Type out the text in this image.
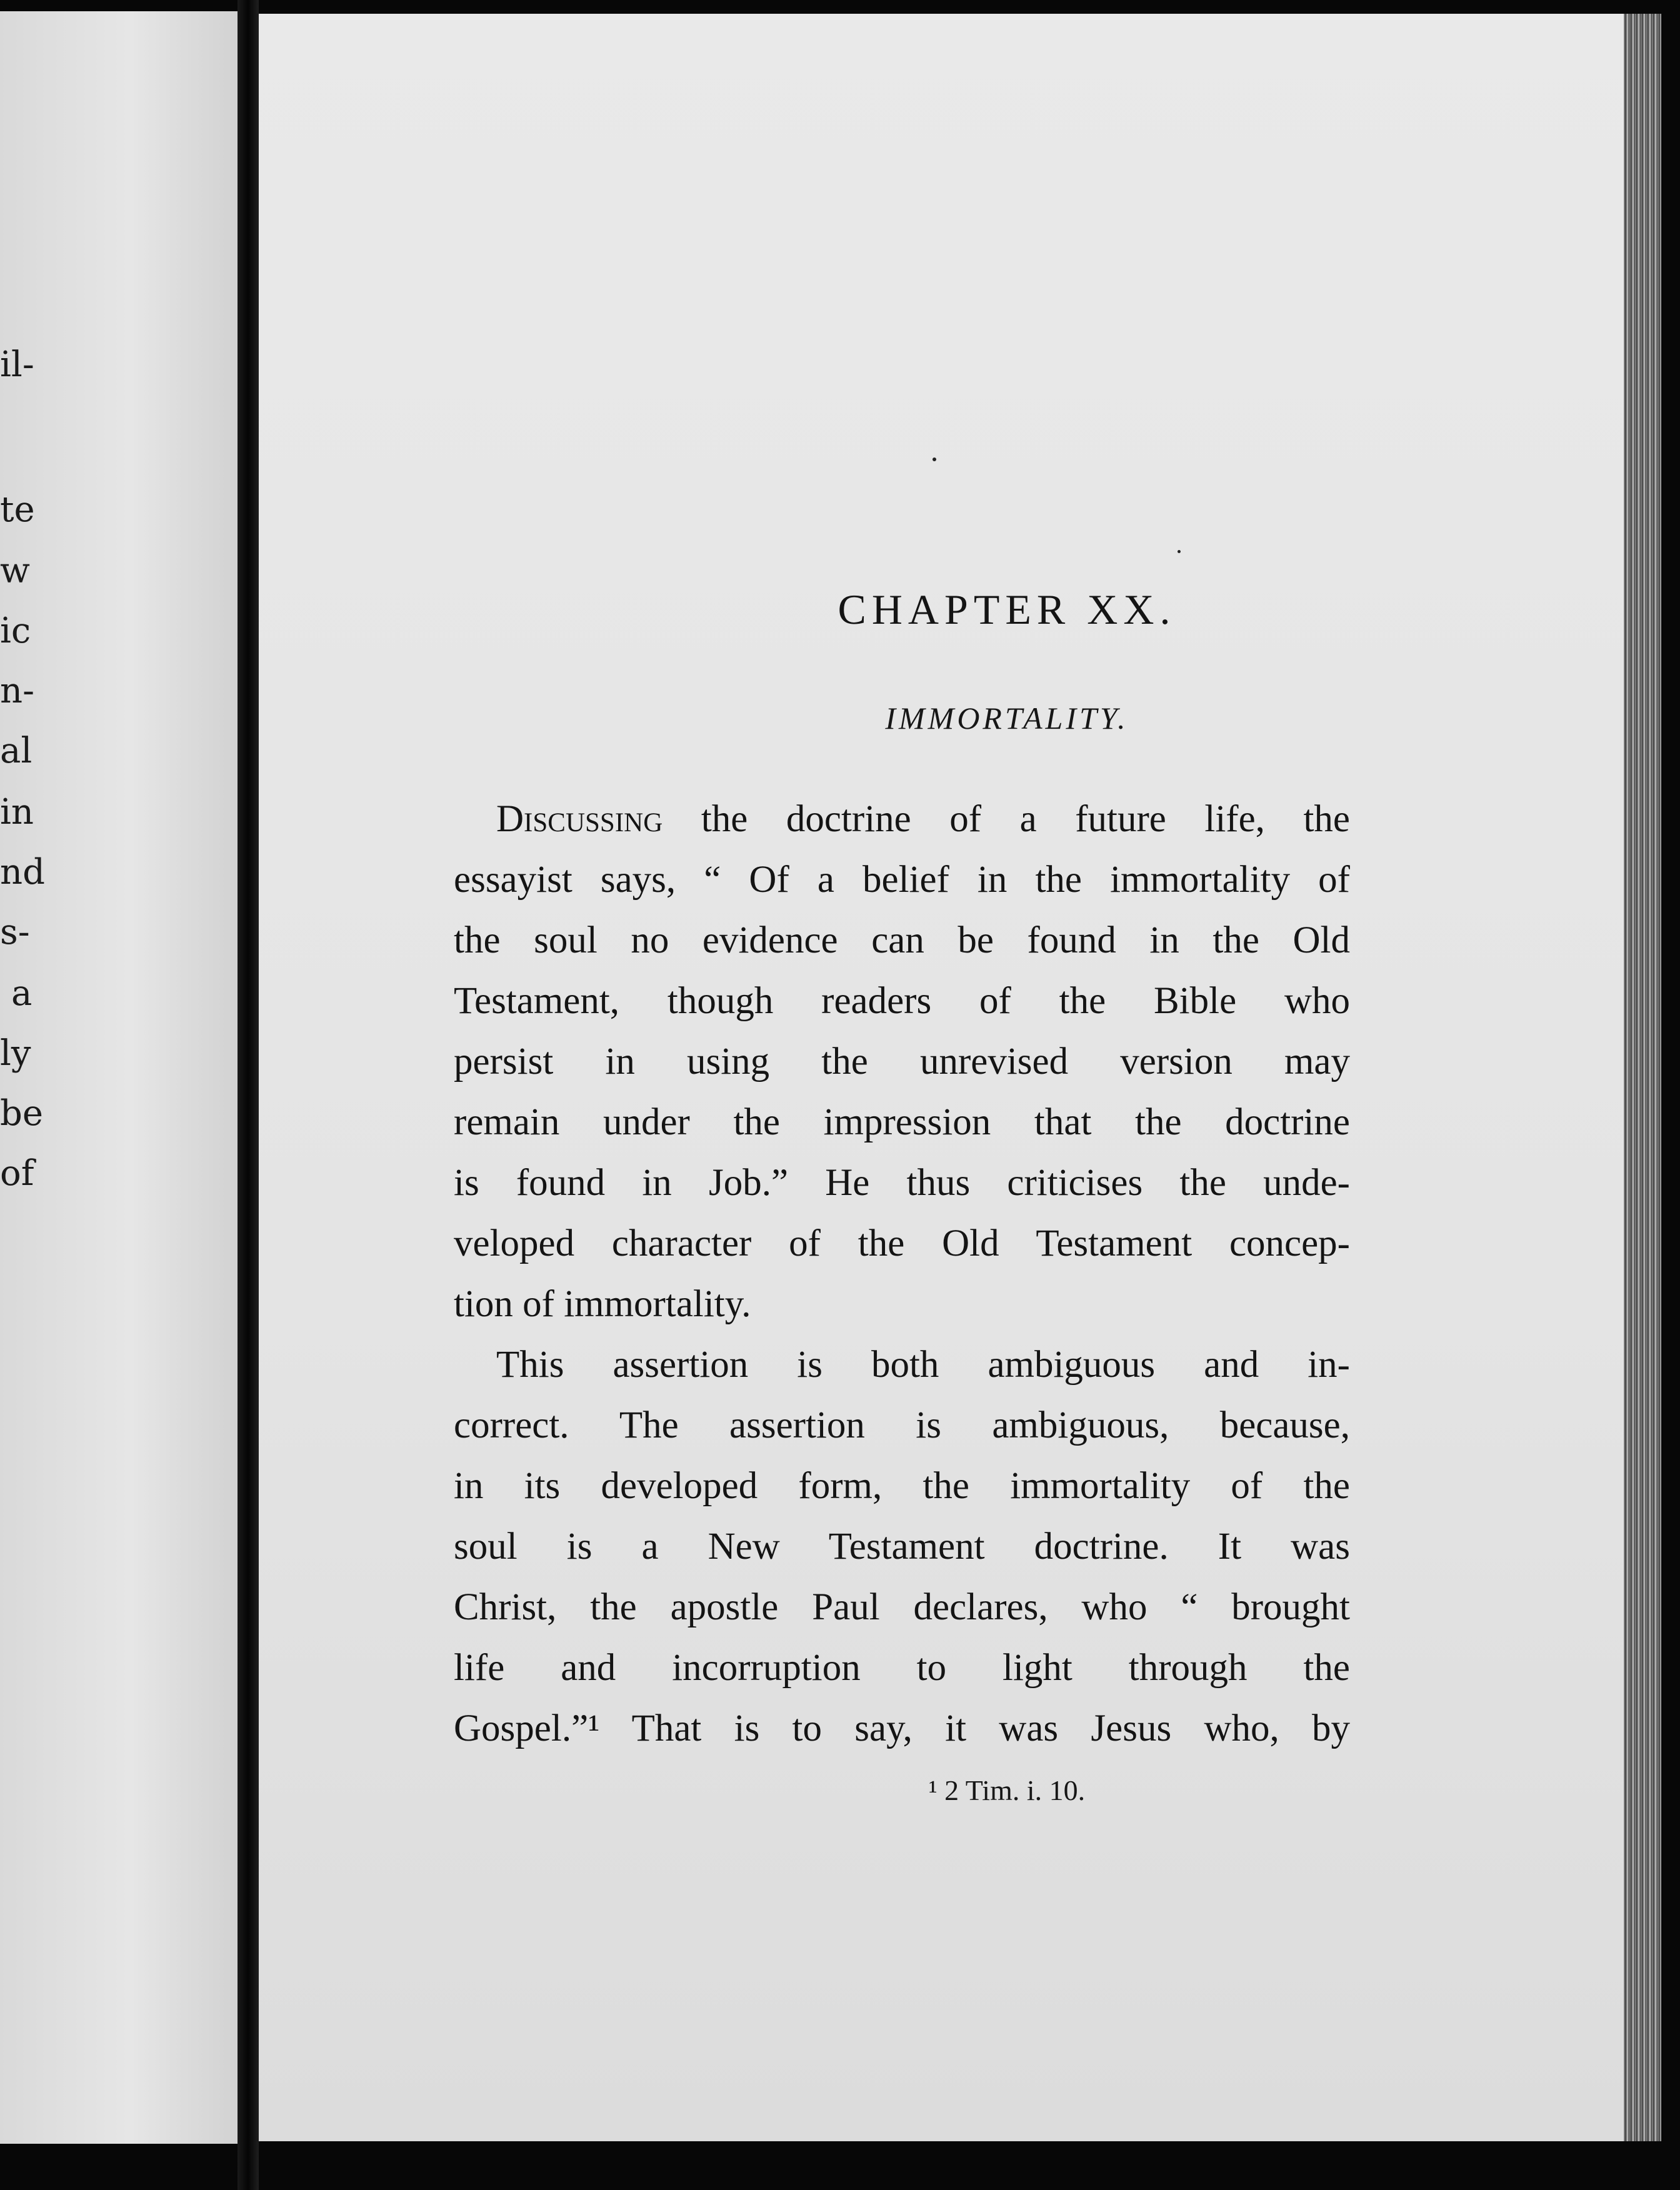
il-
te
w
ic
n-
al
in
nd
s-
a
ly
be
of
CHAPTER XX.
IMMORTALITY.
Discussing the doctrine of a future life, the
essayist says, “ Of a belief in the immortality of
the soul no evidence can be found in the Old
Testament, though readers of the Bible who
persist in using the unrevised version may
remain under the impression that the doctrine
is found in Job.” He thus criticises the unde-
veloped character of the Old Testament concep-
tion of immortality.
This assertion is both ambiguous and in-
correct. The assertion is ambiguous, because,
in its developed form, the immortality of the
soul is a New Testament doctrine. It was
Christ, the apostle Paul declares, who “ brought
life and incorruption to light through the
Gospel.”¹ That is to say, it was Jesus who, by
¹ 2 Tim. i. 10.
